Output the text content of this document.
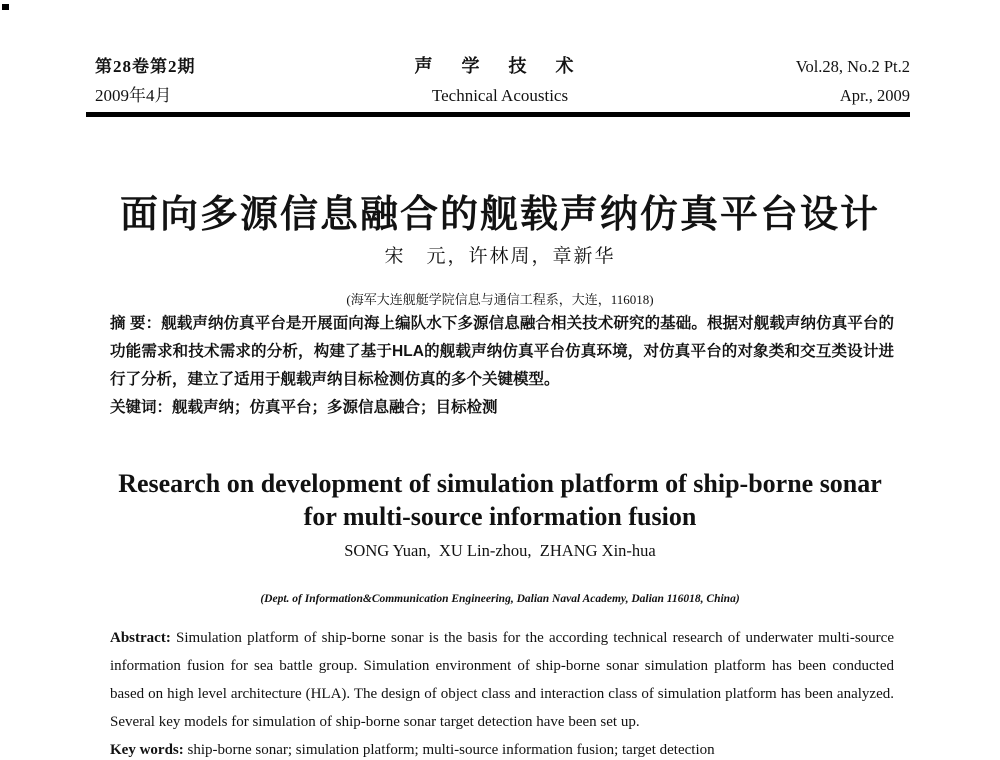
第28卷第2期
2009年4月
声 学 技 术
Technical Acoustics
Vol.28, No.2 Pt.2
Apr., 2009
面向多源信息融合的舰载声纳仿真平台设计
宋　元，许林周，章新华
(海军大连舰艇学院信息与通信工程系，大连，116018)

摘 要：舰载声纳仿真平台是开展面向海上编队水下多源信息融合相关技术研究的基础。根据对舰载声纳仿真平台的功能需求和技术需求的分析，构建了基于HLA的舰载声纳仿真平台仿真环境，对仿真平台的对象类和交互类设计进行了分析，建立了适用于舰载声纳目标检测仿真的多个关键模型。

关键词：舰载声纳；仿真平台；多源信息融合；目标检测

Research on development of simulation platform of ship-borne sonar for multi-source information fusion
SONG Yuan,  XU Lin-zhou,  ZHANG Xin-hua
(Dept. of Information&Communication Engineering, Dalian Naval Academy, Dalian 116018, China)

Abstract: Simulation platform of ship-borne sonar is the basis for the according technical research of underwater multi-source information fusion for sea battle group. Simulation environment of ship-borne sonar simulation platform has been conducted based on high level architecture (HLA). The design of object class and interaction class of simulation platform has been analyzed. Several key models for simulation of ship-borne sonar target detection have been set up.

Key words: ship-borne sonar; simulation platform; multi-source information fusion; target detection
